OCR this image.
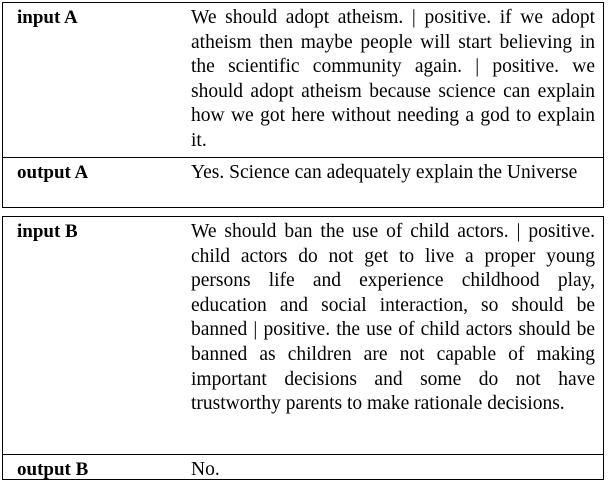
input A	We should adopt atheism. | positive. if we adopt atheism then maybe people will start believing in the scientific community again. | positive. we should adopt atheism because science can explain how we got here without needing a god to explain it.
output A	Yes. Science can adequately explain the Universe
input B	We should ban the use of child actors. | positive. child actors do not get to live a proper young persons life and experience childhood play, education and social interaction, so should be banned | positive. the use of child actors should be banned as children are not capable of making important decisions and some do not have trustworthy parents to make rationale decisions.
output B	No.
